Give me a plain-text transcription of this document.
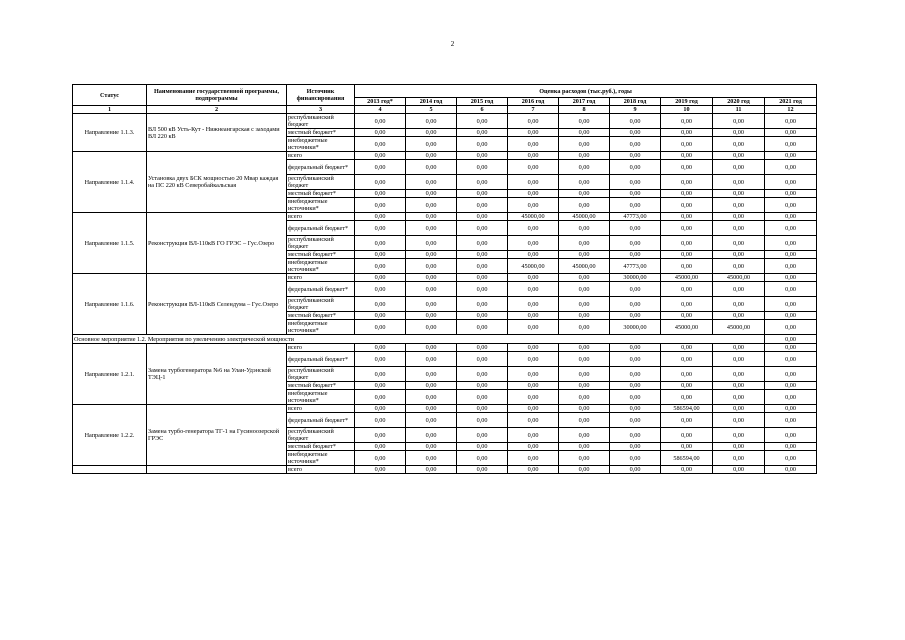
2
Статус	Наименование государственной программы, подпрограммы	Источник финансирования	Оценка расходов (тыс.руб.), годы								
			2013 год*	2014 год	2015 год	2016 год	2017 год	2018 год	2019 год	2020 год	2021 год
1	2	3	4	5	6	7	8	9	10	11	12
Направление 1.1.3.	ВЛ 500 кВ Усть-Кут - Нижнеангарская с заходами ВЛ 220 кВ	республиканский бюджет	0,00	0,00	0,00	0,00	0,00	0,00	0,00	0,00	0,00
		местный бюджет*	0,00	0,00	0,00	0,00	0,00	0,00	0,00	0,00	0,00
		внебюджетные источники*	0,00	0,00	0,00	0,00	0,00	0,00	0,00	0,00	0,00
Направление 1.1.4.	Установка двух БСК мощностью 20 Мвар каждая на ПС 220 кВ Северобайкальская	всего	0,00	0,00	0,00	0,00	0,00	0,00	0,00	0,00	0,00
		федеральный бюджет*	0,00	0,00	0,00	0,00	0,00	0,00	0,00	0,00	0,00
		республиканский бюджет	0,00	0,00	0,00	0,00	0,00	0,00	0,00	0,00	0,00
		местный бюджет*	0,00	0,00	0,00	0,00	0,00	0,00	0,00	0,00	0,00
		внебюджетные источники*	0,00	0,00	0,00	0,00	0,00	0,00	0,00	0,00	0,00
Направление 1.1.5.	Реконструкция ВЛ-110кВ ГО ГРЭС – Гус.Озеро	всего	0,00	0,00	0,00	45000,00	45000,00	47773,00	0,00	0,00	0,00
		федеральный бюджет*	0,00	0,00	0,00	0,00	0,00	0,00	0,00	0,00	0,00
		республиканский бюджет	0,00	0,00	0,00	0,00	0,00	0,00	0,00	0,00	0,00
		местный бюджет*	0,00	0,00	0,00	0,00	0,00	0,00	0,00	0,00	0,00
		внебюджетные источники*	0,00	0,00	0,00	45000,00	45000,00	47773,00	0,00	0,00	0,00
Направление 1.1.6.	Реконструкция ВЛ-110кВ Селендума – Гус.Озеро	всего	0,00	0,00	0,00	0,00	0,00	30000,00	45000,00	45000,00	0,00
		федеральный бюджет*	0,00	0,00	0,00	0,00	0,00	0,00	0,00	0,00	0,00
		республиканский бюджет	0,00	0,00	0,00	0,00	0,00	0,00	0,00	0,00	0,00
		местный бюджет*	0,00	0,00	0,00	0,00	0,00	0,00	0,00	0,00	0,00
		внебюджетные источники*	0,00	0,00	0,00	0,00	0,00	30000,00	45000,00	45000,00	0,00
Основное мероприятие 1.2. Мероприятия по увеличению электрической мощности											0,00
Направление 1.2.1.	Замена турбогенератора №6 на Улан-Удэнской ТЭЦ-1	всего	0,00	0,00	0,00	0,00	0,00	0,00	0,00	0,00	0,00
		федеральный бюджет*	0,00	0,00	0,00	0,00	0,00	0,00	0,00	0,00	0,00
		республиканский бюджет	0,00	0,00	0,00	0,00	0,00	0,00	0,00	0,00	0,00
		местный бюджет*	0,00	0,00	0,00	0,00	0,00	0,00	0,00	0,00	0,00
		внебюджетные источники*	0,00	0,00	0,00	0,00	0,00	0,00	0,00	0,00	0,00
Направление 1.2.2.	Замена турбо-генератора ТГ-1 на Гусиноозерской ГРЭС	всего	0,00	0,00	0,00	0,00	0,00	0,00	586594,00	0,00	0,00
		федеральный бюджет*	0,00	0,00	0,00	0,00	0,00	0,00	0,00	0,00	0,00
		республиканский бюджет	0,00	0,00	0,00	0,00	0,00	0,00	0,00	0,00	0,00
		местный бюджет*	0,00	0,00	0,00	0,00	0,00	0,00	0,00	0,00	0,00
		внебюджетные источники*	0,00	0,00	0,00	0,00	0,00	0,00	586594,00	0,00	0,00
		всего	0,00	0,00	0,00	0,00	0,00	0,00	0,00	0,00	0,00
